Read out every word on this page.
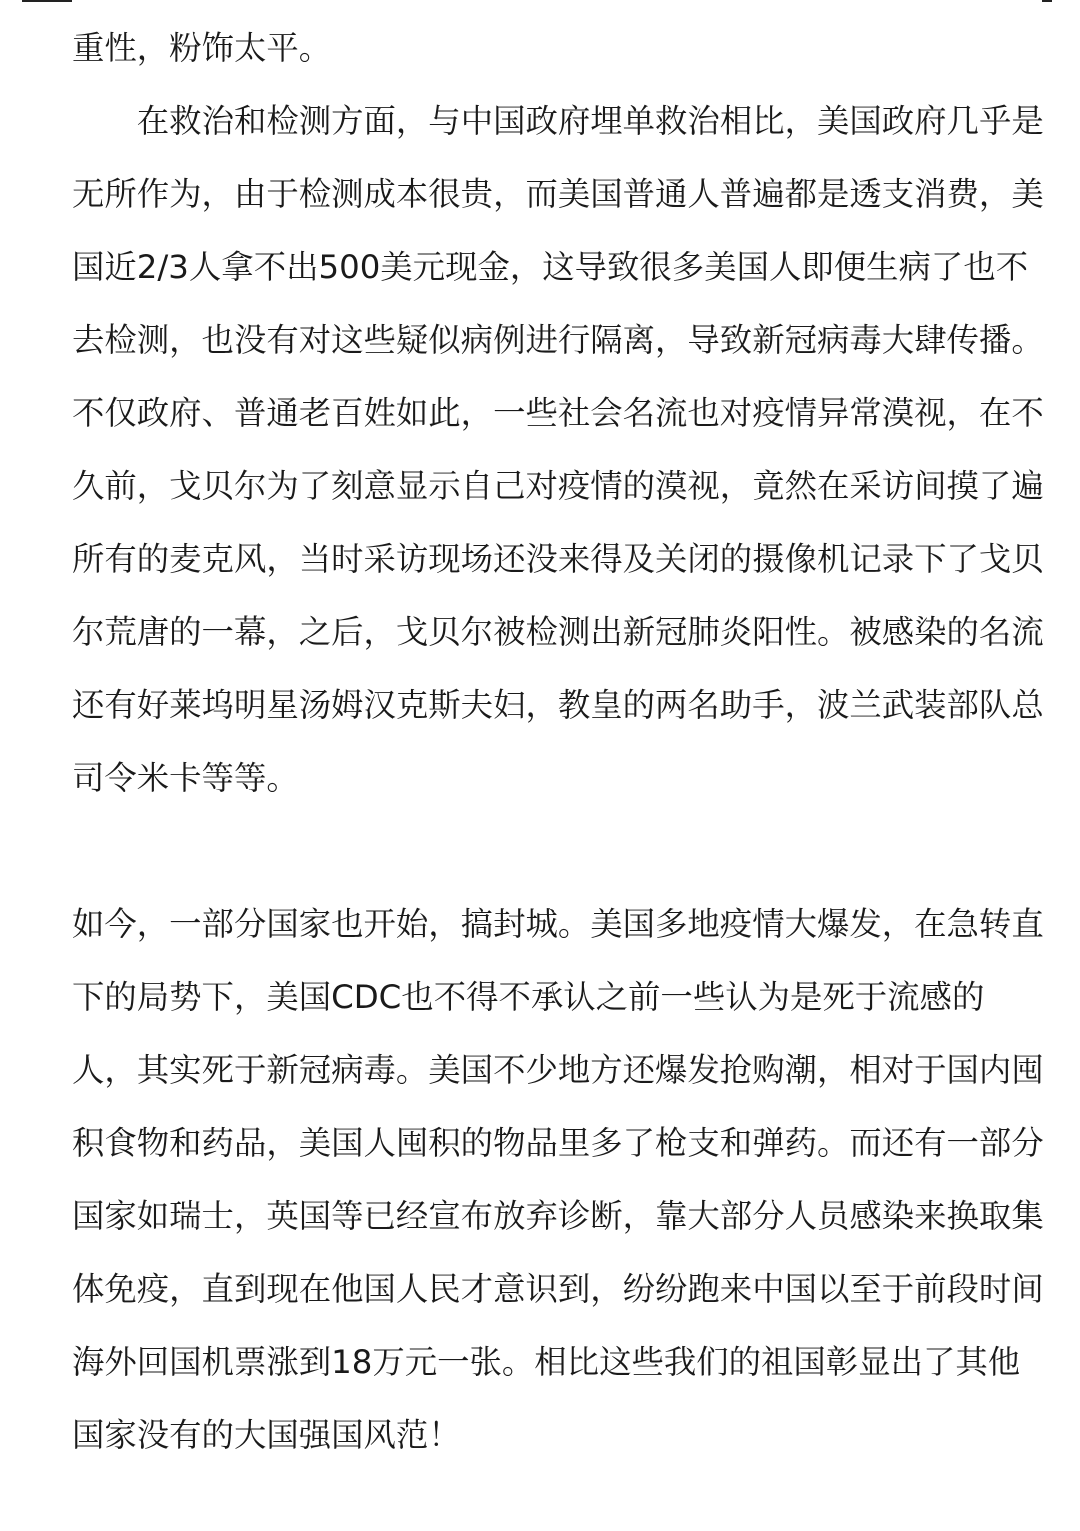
重性，粉饰太平。

在救治和检测方面，与中国政府埋单救治相比，美国政府几乎是无所作为，由于检测成本很贵，而美国普通人普遍都是透支消费，美国近2/3人拿不出500美元现金，这导致很多美国人即便生病了也不去检测，也没有对这些疑似病例进行隔离，导致新冠病毒大肆传播。

不仅政府、普通老百姓如此，一些社会名流也对疫情异常漠视，在不久前，戈贝尔为了刻意显示自己对疫情的漠视，竟然在采访间摸了遍所有的麦克风，当时采访现场还没来得及关闭的摄像机记录下了戈贝尔荒唐的一幕，之后，戈贝尔被检测出新冠肺炎阳性。被感染的名流还有好莱坞明星汤姆汉克斯夫妇，教皇的两名助手，波兰武装部队总司令米卡等等。

如今，一部分国家也开始，搞封城。美国多地疫情大爆发，在急转直下的局势下，美国CDC也不得不承认之前一些认为是死于流感的人，其实死于新冠病毒。美国不少地方还爆发抢购潮，相对于国内囤积食物和药品，美国人囤积的物品里多了枪支和弹药。而还有一部分国家如瑞士，英国等已经宣布放弃诊断，靠大部分人员感染来换取集体免疫，直到现在他国人民才意识到，纷纷跑来中国以至于前段时间海外回国机票涨到18万元一张。相比这些我们的祖国彰显出了其他国家没有的大国强国风范！
